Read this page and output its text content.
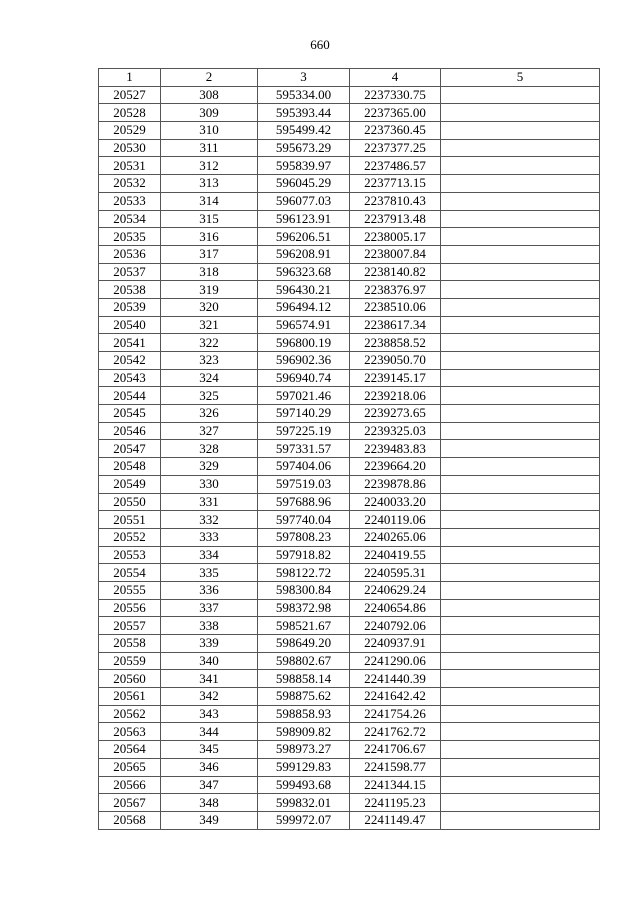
660
1	2	3	4	5
20527	308	595334.00	2237330.75	
20528	309	595393.44	2237365.00	
20529	310	595499.42	2237360.45	
20530	311	595673.29	2237377.25	
20531	312	595839.97	2237486.57	
20532	313	596045.29	2237713.15	
20533	314	596077.03	2237810.43	
20534	315	596123.91	2237913.48	
20535	316	596206.51	2238005.17	
20536	317	596208.91	2238007.84	
20537	318	596323.68	2238140.82	
20538	319	596430.21	2238376.97	
20539	320	596494.12	2238510.06	
20540	321	596574.91	2238617.34	
20541	322	596800.19	2238858.52	
20542	323	596902.36	2239050.70	
20543	324	596940.74	2239145.17	
20544	325	597021.46	2239218.06	
20545	326	597140.29	2239273.65	
20546	327	597225.19	2239325.03	
20547	328	597331.57	2239483.83	
20548	329	597404.06	2239664.20	
20549	330	597519.03	2239878.86	
20550	331	597688.96	2240033.20	
20551	332	597740.04	2240119.06	
20552	333	597808.23	2240265.06	
20553	334	597918.82	2240419.55	
20554	335	598122.72	2240595.31	
20555	336	598300.84	2240629.24	
20556	337	598372.98	2240654.86	
20557	338	598521.67	2240792.06	
20558	339	598649.20	2240937.91	
20559	340	598802.67	2241290.06	
20560	341	598858.14	2241440.39	
20561	342	598875.62	2241642.42	
20562	343	598858.93	2241754.26	
20563	344	598909.82	2241762.72	
20564	345	598973.27	2241706.67	
20565	346	599129.83	2241598.77	
20566	347	599493.68	2241344.15	
20567	348	599832.01	2241195.23	
20568	349	599972.07	2241149.47	
